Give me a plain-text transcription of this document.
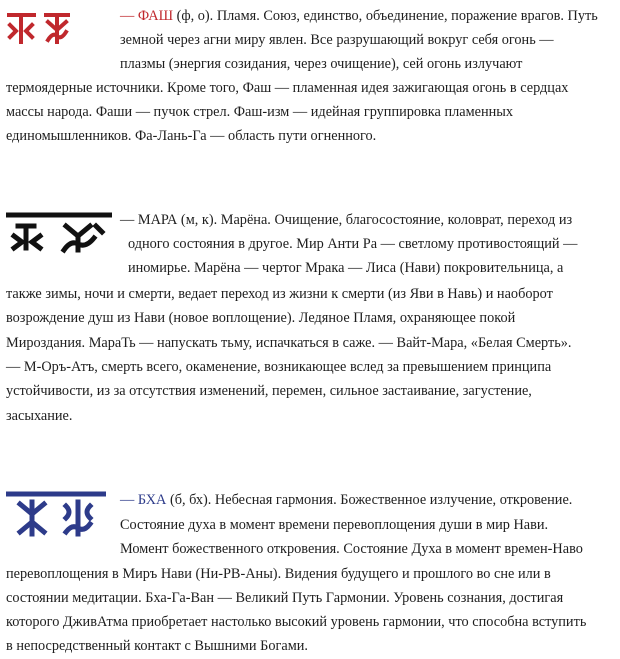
— ФАШ (ф, о). Пламя. Союз, единство, объединение, поражение врагов. Путь
земной через агни миру явлен. Все разрушающий вокруг себя огонь —
плазмы (энергия созидания, через очищение), сей огонь излучают
термоядерные источники. Кроме того, Фаш — пламенная идея зажигающая огонь в сердцах
массы народа. Фаши — пучок стрел. Фаш-изм — идейная группировка пламенных
единомышленников. Фа-Лань-Га — область пути огненного.
— МАРА (м, к). Марёна. Очищение, благосостояние, коловрат, переход из
одного состояния в другое. Мир Анти Ра — светлому противостоящий —
иномирье. Марёна — чертог Мрака — Лиса (Нави) покровительница, а
также зимы, ночи и смерти, ведает переход из жизни к смерти (из Яви в Навь) и наоборот
возрождение душ из Нави (новое воплощение). Ледяное Пламя, охраняющее покой
Мироздания. МараТь — напускать тьму, испачкаться в саже. — Вайт-Мара, «Белая Смерть».
— М-Оръ-Атъ, смерть всего, окаменение, возникающее вслед за превышением принципа
устойчивости, из за отсутствия изменений, перемен, сильное застаивание, загустение,
засыхание.
— БХА (б, бх). Небесная гармония. Божественное излучение, откровение.
Состояние духа в момент времени перевоплощения души в мир Нави.
Момент божественного откровения. Состояние Духа в момент времен-Наво
перевоплощения в Миръ Нави (Ни-РВ-Аны). Видения будущего и прошлого во сне или в
состоянии медитации. Бха-Га-Ван — Великий Путь Гармонии. Уровень сознания, достигая
которого ДживАтма приобретает настолько высокий уровень гармонии, что способна вступить
в непосредственный контакт с Вышними Богами.
